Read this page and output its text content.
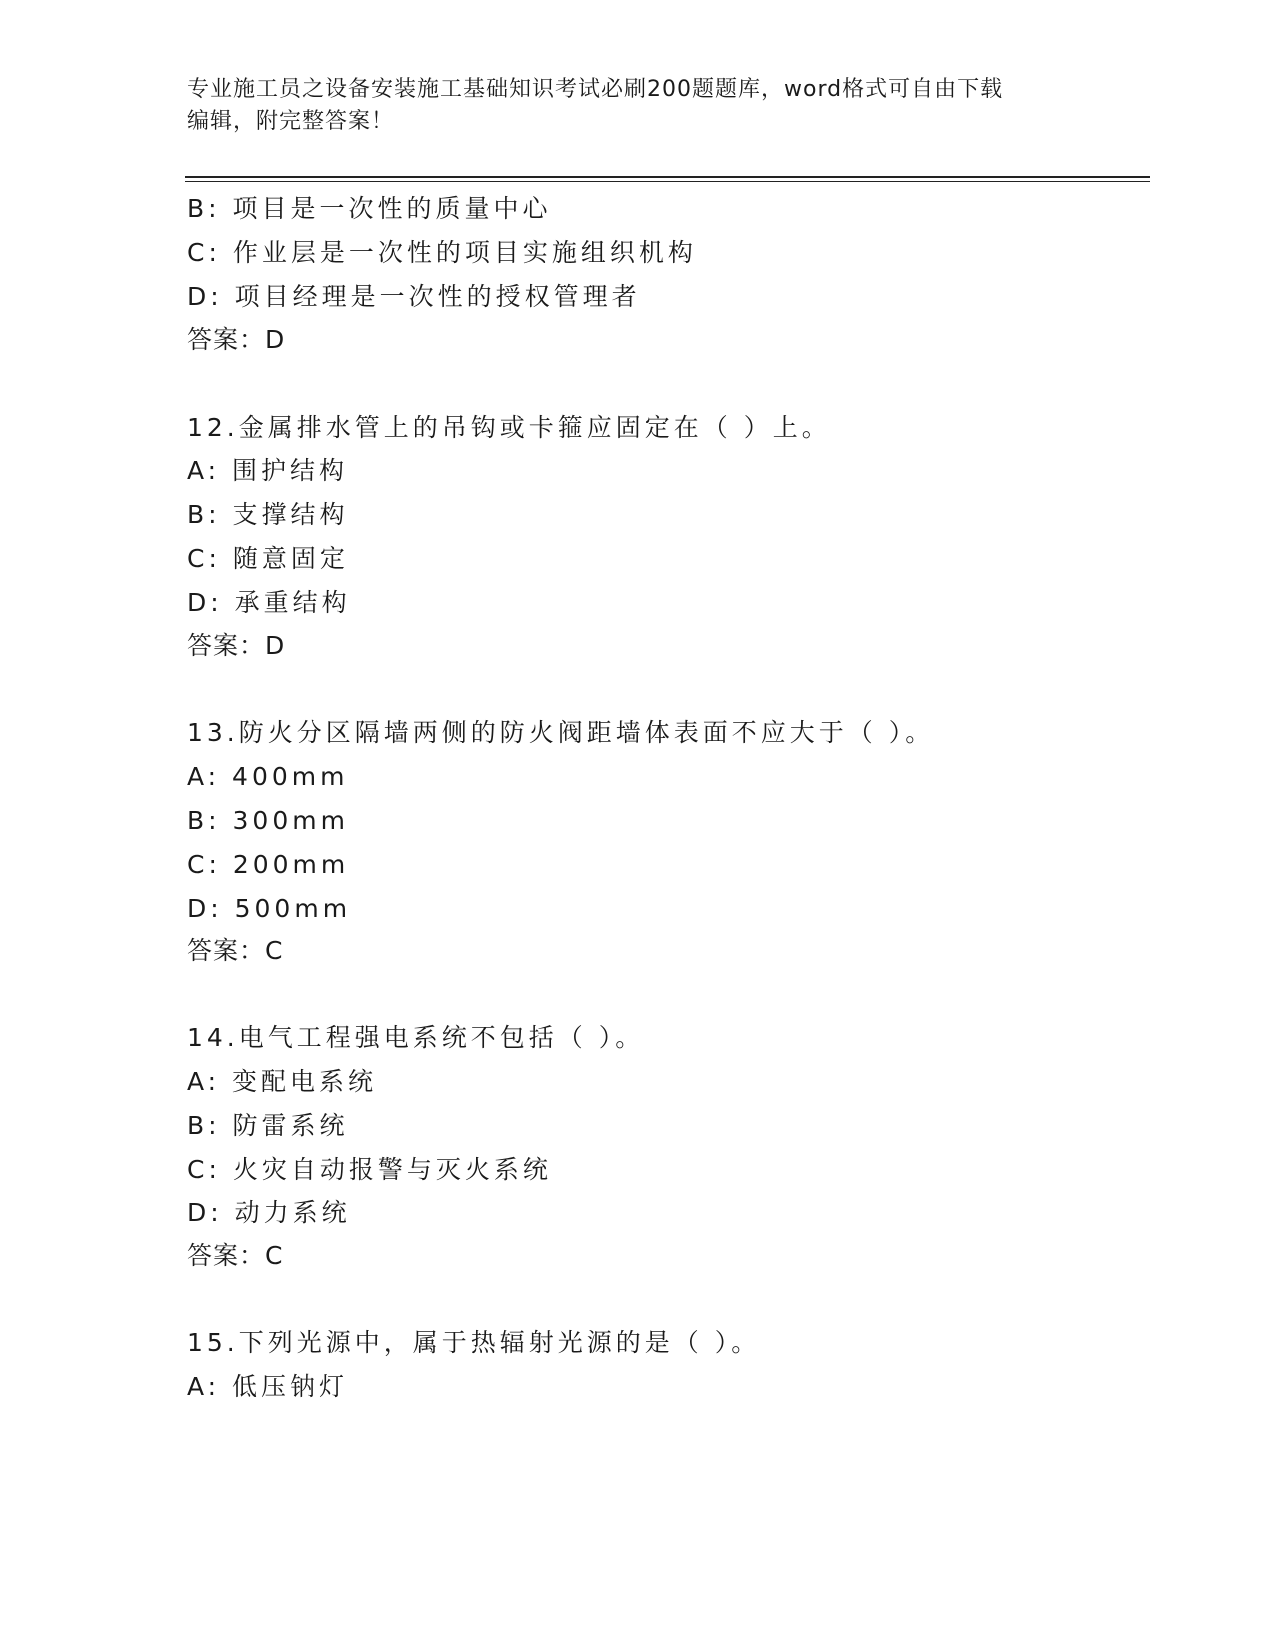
专业施工员之设备安装施工基础知识考试必刷200题题库，word格式可自由下载
编辑，附完整答案！
B: 项目是一次性的质量中心
C: 作业层是一次性的项目实施组织机构
D: 项目经理是一次性的授权管理者
答案：D
12.金属排水管上的吊钩或卡箍应固定在（ ）上。
A: 围护结构
B: 支撑结构
C: 随意固定
D: 承重结构
答案：D
13.防火分区隔墙两侧的防火阀距墙体表面不应大于（ ）。
A: 400mm
B: 300mm
C: 200mm
D: 500mm
答案：C
14.电气工程强电系统不包括（ ）。
A: 变配电系统
B: 防雷系统
C: 火灾自动报警与灭火系统
D: 动力系统
答案：C
15.下列光源中，属于热辐射光源的是（ ）。
A: 低压钠灯
